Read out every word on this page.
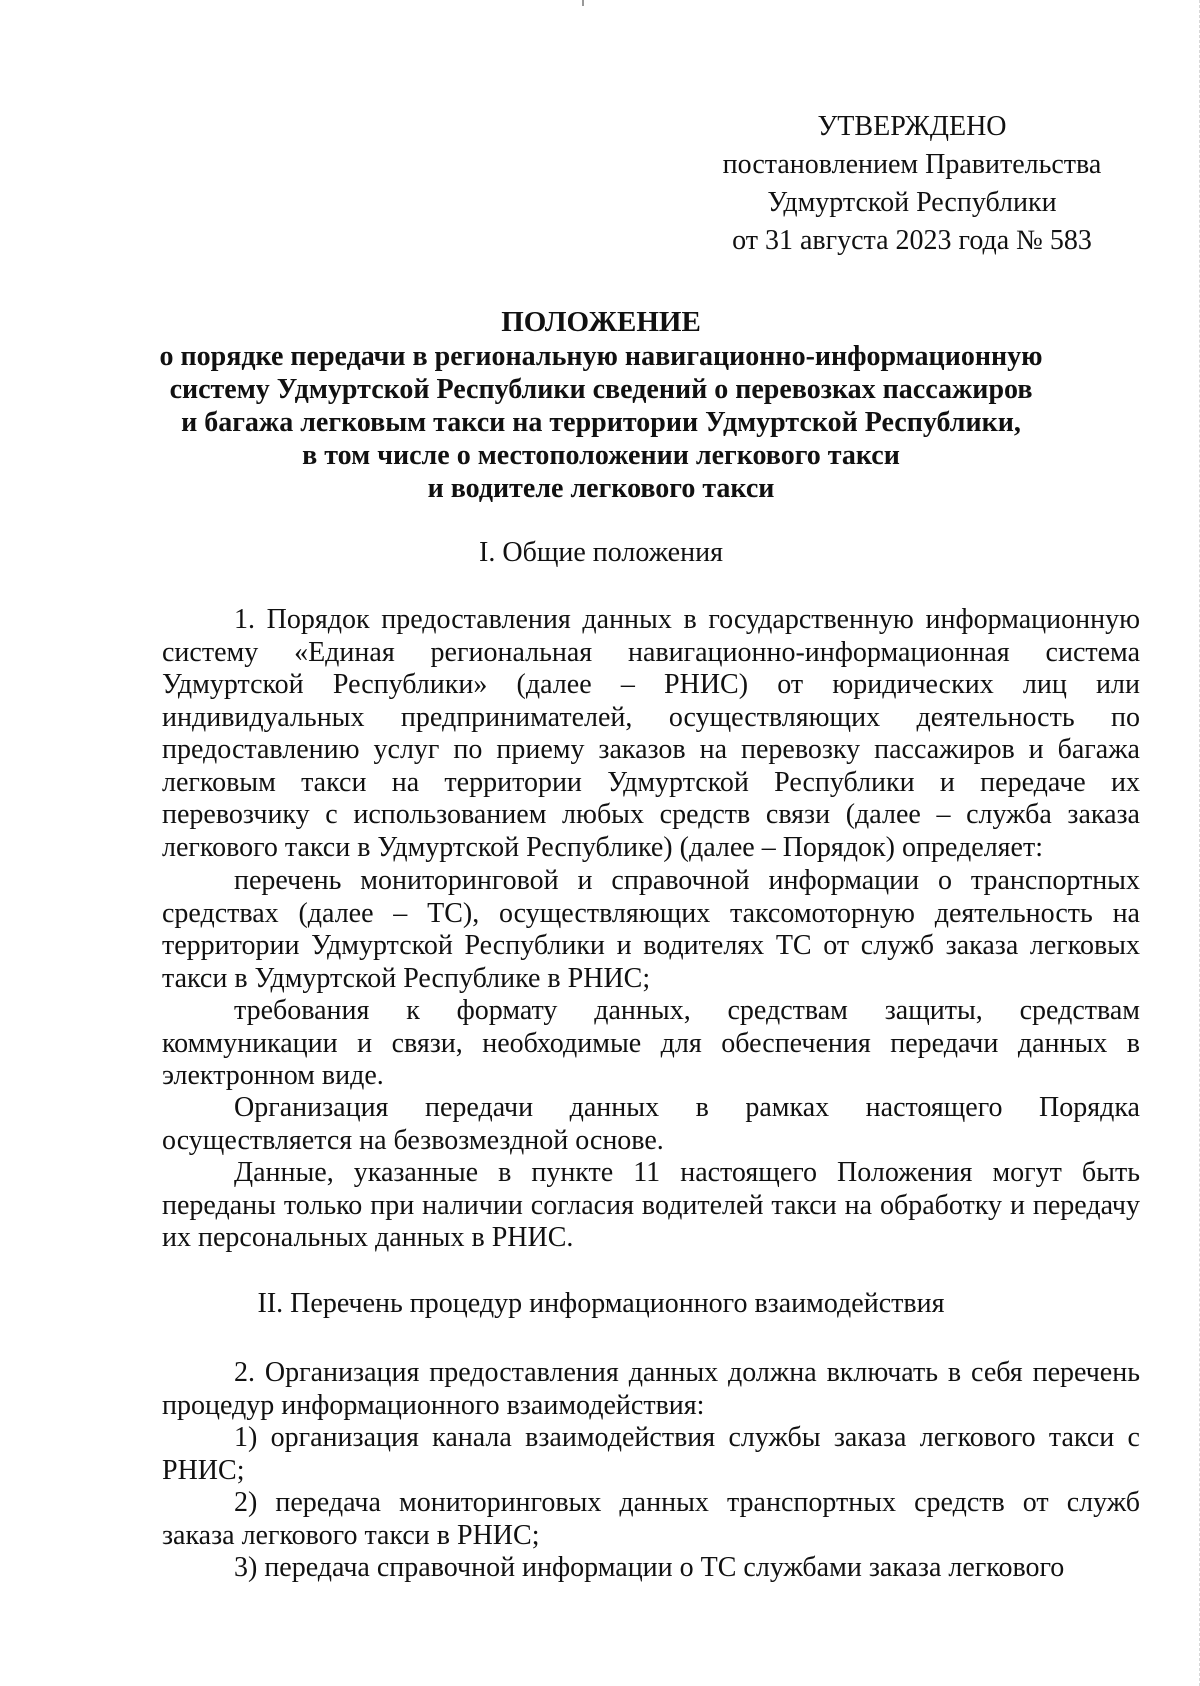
УТВЕРЖДЕНО
постановлением Правительства
Удмуртской Республики
от 31 августа 2023 года № 583
ПОЛОЖЕНИЕ
о порядке передачи в региональную навигационно-информационную
систему Удмуртской Республики сведений о перевозках пассажиров
и багажа легковым такси на территории Удмуртской Республики,
в том числе о местоположении легкового такси
и водителе легкового такси
I. Общие положения
1. Порядок предоставления данных в государственную информационную систему «Единая региональная навигационно-информационная система Удмуртской Республики» (далее – РНИС) от юридических лиц или индивидуальных предпринимателей, осуществляющих деятельность по предоставлению услуг по приему заказов на перевозку пассажиров и багажа легковым такси на территории Удмуртской Республики и передаче их перевозчику с использованием любых средств связи (далее – служба заказа легкового такси в Удмуртской Республике) (далее – Порядок) определяет:
перечень мониторинговой и справочной информации о транспортных средствах (далее – ТС), осуществляющих таксомоторную деятельность на территории Удмуртской Республики и водителях ТС от служб заказа легковых такси в Удмуртской Республике в РНИС;
требования к формату данных, средствам защиты, средствам коммуникации и связи, необходимые для обеспечения передачи данных в электронном виде.
Организация передачи данных в рамках настоящего Порядка осуществляется на безвозмездной основе.
Данные, указанные в пункте 11 настоящего Положения могут быть переданы только при наличии согласия водителей такси на обработку и передачу их персональных данных в РНИС.
II. Перечень процедур информационного взаимодействия
2. Организация предоставления данных должна включать в себя перечень процедур информационного взаимодействия:
1) организация канала взаимодействия службы заказа легкового такси с РНИС;
2) передача мониторинговых данных транспортных средств от служб заказа легкового такси в РНИС;
3) передача справочной информации о ТС службами заказа легкового
